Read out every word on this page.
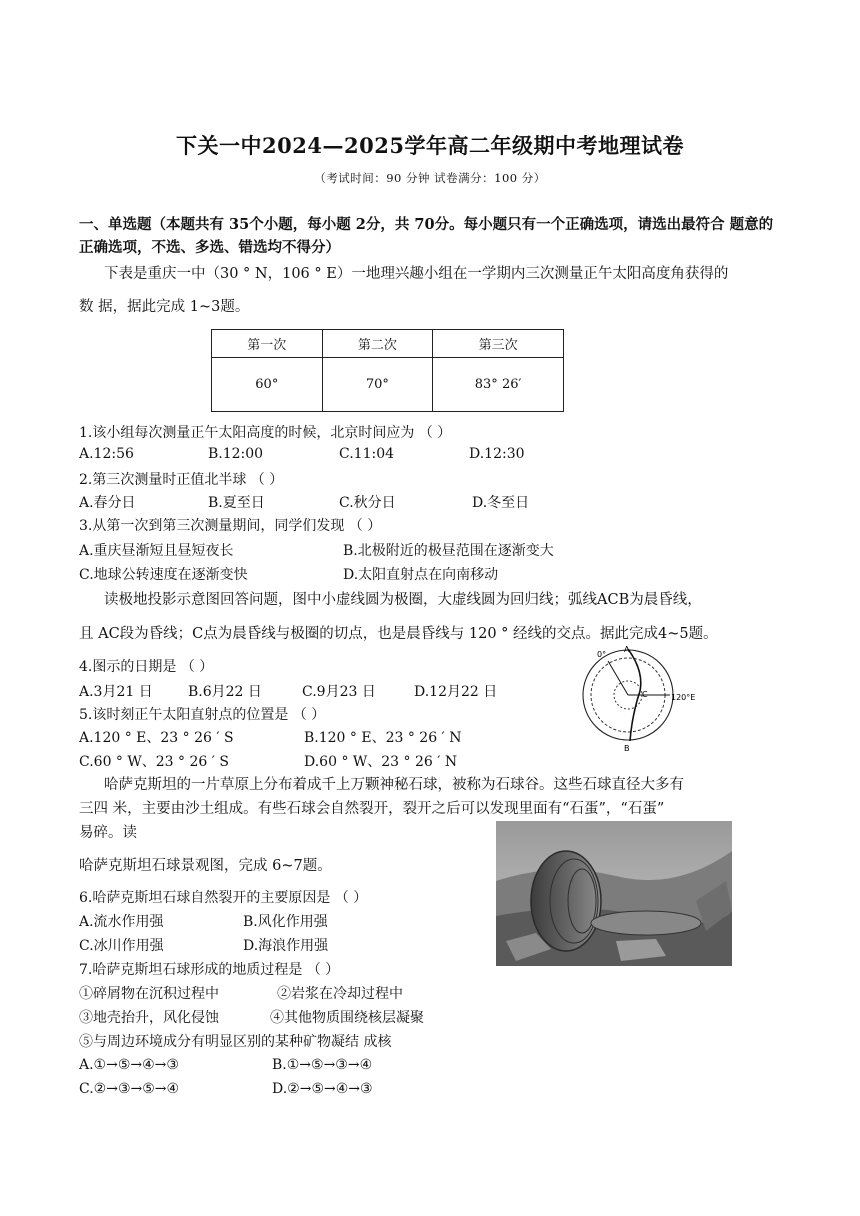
下关一中2024—2025学年高二年级期中考地理试卷
（考试时间：90 分钟 试卷满分：100 分）
一、单选题（本题共有 35个小题，每小题 2分，共 70分。每小题只有一个正确选项，请选出最符合 题意的正确选项，不选、多选、错选均不得分）
下表是重庆一中（30 ° N，106 ° E）一地理兴趣小组在一学期内三次测量正午太阳高度角获得的
数 据，据此完成 1~3题。
第一次	第二次	第三次
60°	70°	83° 26′
1.该小组每次测量正午太阳高度的时候，北京时间应为 （ ）
A.12:56	B.12:00	C.11:04	D.12:30
2.第三次测量时正值北半球 （ ）
A.春分日	B.夏至日	C.秋分日	D.冬至日
3.从第一次到第三次测量期间，同学们发现 （ ）
A.重庆昼渐短且昼短夜长	B.北极附近的极昼范围在逐渐变大
C.地球公转速度在逐渐变快	D.太阳直射点在向南移动
读极地投影示意图回答问题，图中小虚线圆为极圈，大虚线圆为回归线；弧线ACB为晨昏线，
且 AC段为昏线；C点为晨昏线与极圈的切点，也是晨昏线与 120 ° 经线的交点。据此完成4~5题。
0°
A
C
B
120°E
4.图示的日期是 （ ）
A.3月21 日	B.6月22 日	C.9月23 日	D.12月22 日
5.该时刻正午太阳直射点的位置是 （ ）
A.120 ° E、23 ° 26 ′ S	B.120 ° E、23 ° 26 ′ N
C.60 ° W、23 ° 26 ′ S	D.60 ° W、23 ° 26 ′ N
哈萨克斯坦的一片草原上分布着成千上万颗神秘石球，被称为石球谷。这些石球直径大多有
三四 米，主要由沙土组成。有些石球会自然裂开，裂开之后可以发现里面有“石蛋”，“石蛋”
易碎。读
哈萨克斯坦石球景观图，完成 6~7题。
6.哈萨克斯坦石球自然裂开的主要原因是 （ ）
A.流水作用强	B.风化作用强
C.冰川作用强	D.海浪作用强
7.哈萨克斯坦石球形成的地质过程是 （ ）
①碎屑物在沉积过程中	②岩浆在冷却过程中
③地壳抬升，风化侵蚀	④其他物质围绕核层凝聚
⑤与周边环境成分有明显区别的某种矿物凝结 成核
A.①→⑤→④→③	B.①→⑤→③→④
C.②→③→⑤→④	D.②→⑤→④→③
